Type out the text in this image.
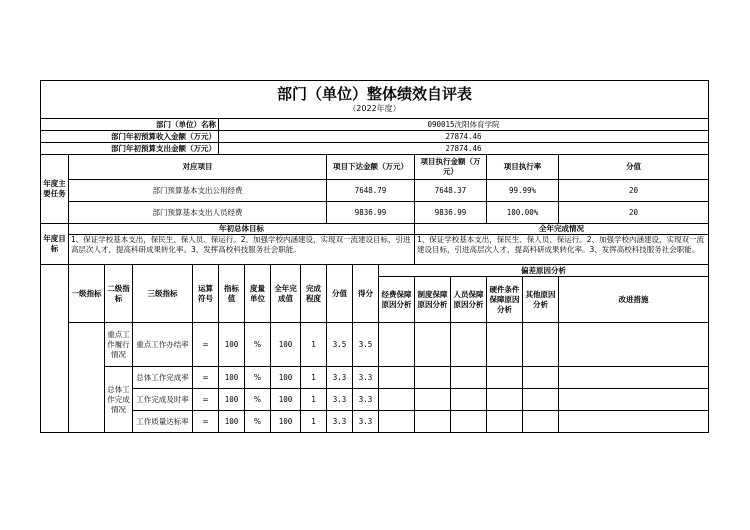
部门（单位）整体绩效自评表
（2022年度）																	

部门（单位）名称					090015沈阳体育学院												
部门年初预算收入金额（万元）					27874.46												
部门年初预算支出金额（万元）					27874.46												
年度主要任务	对应项目								项目下达金额（万元）			项目执行金额（万元）		项目执行率		分值	
	部门预算基本支出公用经费								7648.79			7648.37		99.99%		20	
	部门预算基本支出人员经费								9836.99			9836.99		100.00%		20	
年度目标	年初总体目标											全年完成情况					
	1、保证学校基本支出，保民生、保人员、保运行。2、加强学校内涵建设，实现双一流建设目标，引进高层次人才，提高科研成果转化率。3、发挥高校科技服务社会职能。											1、保证学校基本支出，保民生、保人员、保运行。2、加强学校内涵建设，实现双一流建设目标，引进高层次人才，提高科研成果转化率。3、发挥高校科技服务社会职能。					
	一级指标	二级指标	三级指标	运算符号	指标值	度量单位	全年完成值	完成程度	分值	得分	偏差原因分析						
											经费保障原因分析	制度保障原因分析	人员保障原因分析	硬件条件保障原因分析	其他原因分析	改进措施	
		重点工作履行情况	重点工作办结率	=	100	%	100	1	3.5	3.5							
		总体工作完成情况	总体工作完成率	=	100	%	100	1	3.3	3.3							
			工作完成及时率	=	100	%	100	1	3.3	3.3							
			工作质量达标率	=	100	%	100	1	3.3	3.3							
